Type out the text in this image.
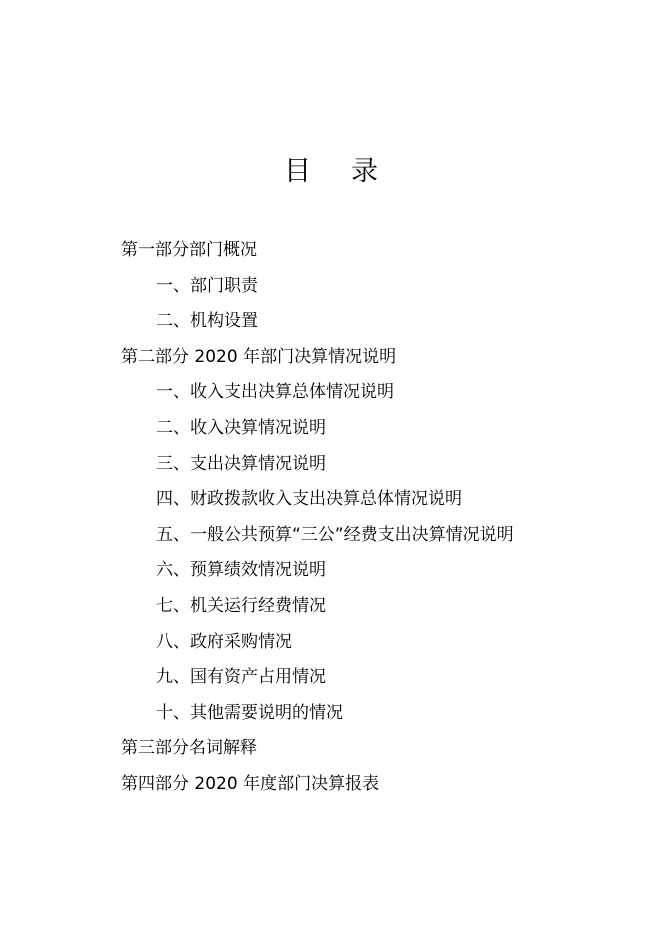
目 录
第一部分部门概况
一、部门职责
二、机构设置
第二部分 2020 年部门决算情况说明
一、收入支出决算总体情况说明
二、收入决算情况说明
三、支出决算情况说明
四、财政拨款收入支出决算总体情况说明
五、一般公共预算“三公”经费支出决算情况说明
六、预算绩效情况说明
七、机关运行经费情况
八、政府采购情况
九、国有资产占用情况
十、其他需要说明的情况
第三部分名词解释
第四部分 2020 年度部门决算报表
